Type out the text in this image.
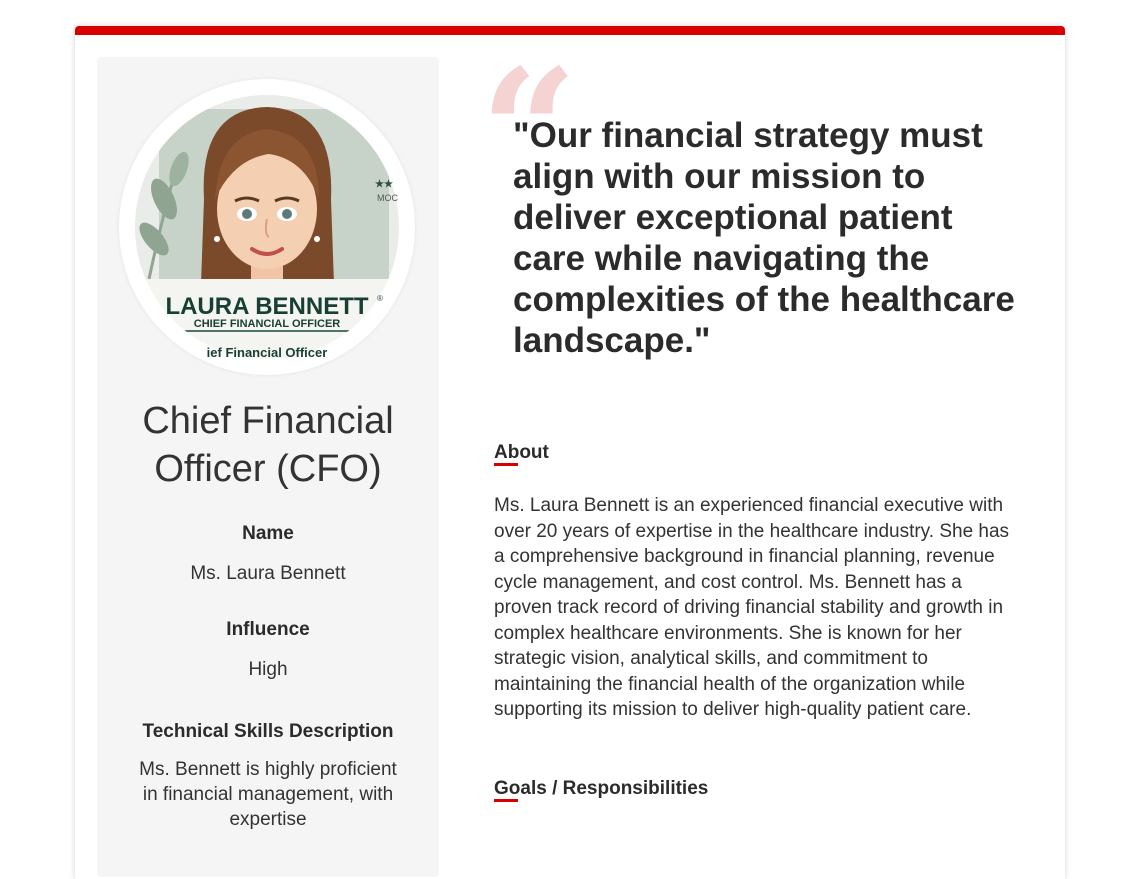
★★
MOC
LAURA BENNETT ®
CHIEF FINANCIAL OFFICER
ief Financial Officer
Chief Financial Officer (CFO)
Name
Ms. Laura Bennett
Influence
High
Technical Skills Description
Ms. Bennett is highly proficient in financial management, with expertise
“
"Our financial strategy must align with our mission to deliver exceptional patient care while navigating the complexities of the healthcare landscape."
About
Ms. Laura Bennett is an experienced financial executive with over 20 years of expertise in the healthcare industry. She has a comprehensive background in financial planning, revenue cycle management, and cost control. Ms. Bennett has a proven track record of driving financial stability and growth in complex healthcare environments. She is known for her strategic vision, analytical skills, and commitment to maintaining the financial health of the organization while supporting its mission to deliver high-quality patient care.
Goals / Responsibilities
